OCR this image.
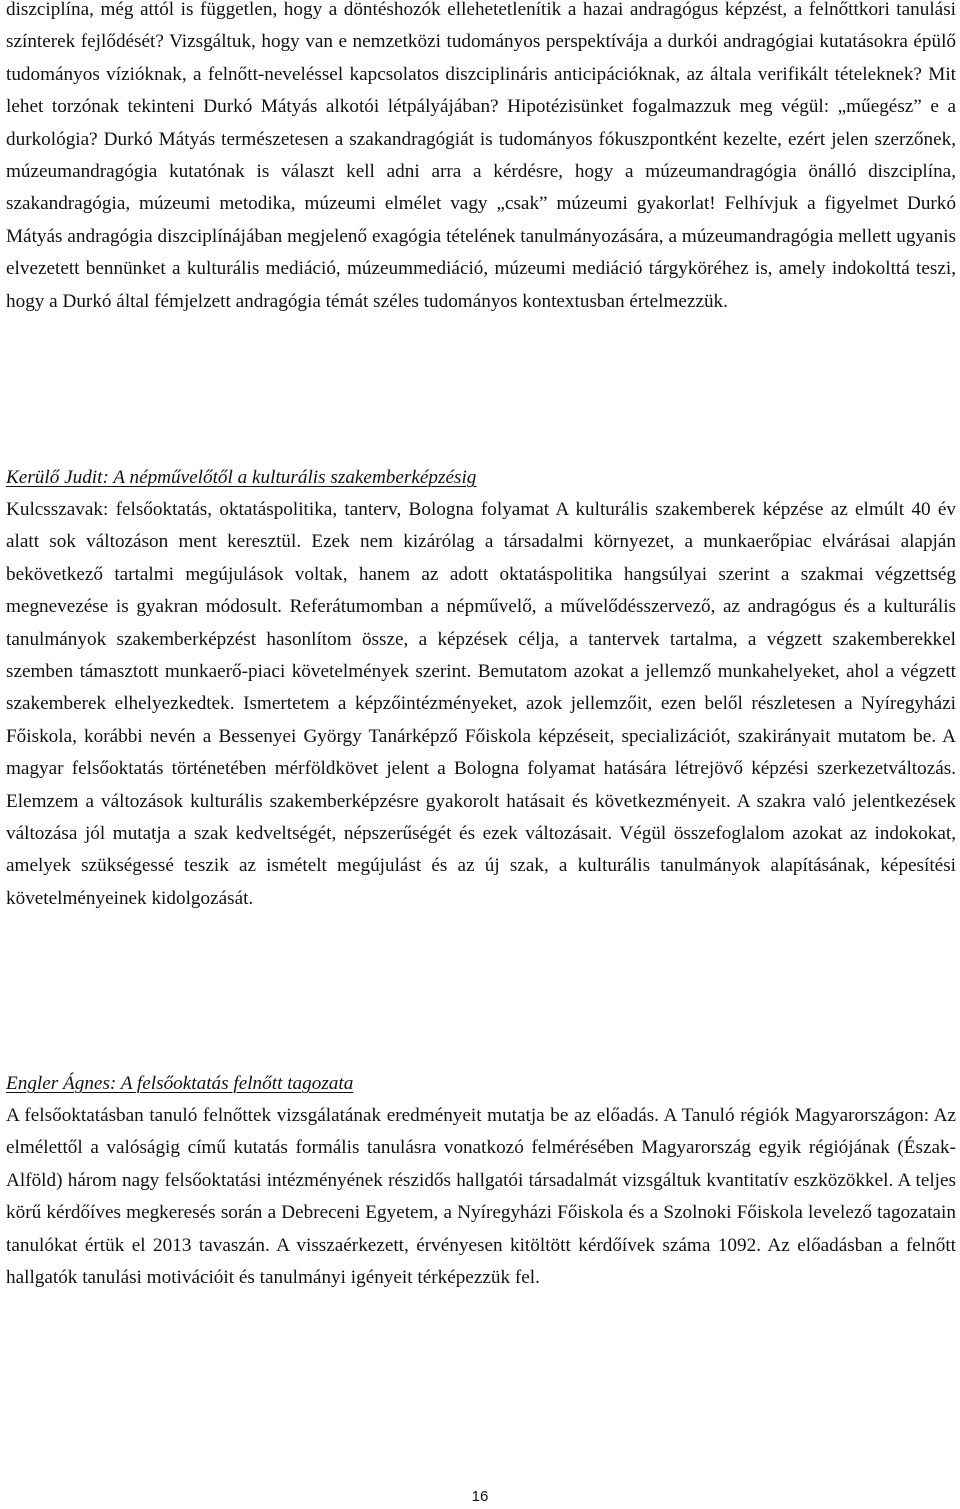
diszciplína, még attól is független, hogy a döntéshozók ellehetetlenítik a hazai andragógus képzést, a felnőttkori tanulási színterek fejlődését? Vizsgáltuk, hogy van e nemzetközi tudományos perspektívája a durkói andragógiai kutatásokra épülő tudományos vízióknak, a felnőtt-neveléssel kapcsolatos diszciplináris anticipációknak, az általa verifikált tételeknek? Mit lehet torzónak tekinteni Durkó Mátyás alkotói létpályájában? Hipotézisünket fogalmazzuk meg végül: „műegész” e a durkológia? Durkó Mátyás természetesen a szakandragógiát is tudományos fókuszpontként kezelte, ezért jelen szerzőnek, múzeumandragógia kutatónak is választ kell adni arra a kérdésre, hogy a múzeumandragógia önálló diszciplína, szakandragógia, múzeumi metodika, múzeumi elmélet vagy „csak” múzeumi gyakorlat! Felhívjuk a figyelmet Durkó Mátyás andragógia diszciplínájában megjelenő exagógia tételének tanulmányozására, a múzeumandragógia mellett ugyanis elvezetett bennünket a kulturális mediáció, múzeummediáció, múzeumi mediáció tárgyköréhez is, amely indokolttá teszi, hogy a Durkó által fémjelzett andragógia témát széles tudományos kontextusban értelmezzük.

Kerülő Judit: A népművelőtől a kulturális szakemberképzésig

Kulcsszavak: felsőoktatás, oktatáspolitika, tanterv, Bologna folyamat A kulturális szakemberek képzése az elmúlt 40 év alatt sok változáson ment keresztül. Ezek nem kizárólag a társadalmi környezet, a munkaerőpiac elvárásai alapján bekövetkező tartalmi megújulások voltak, hanem az adott oktatáspolitika hangsúlyai szerint a szakmai végzettség megnevezése is gyakran módosult. Referátumomban a népművelő, a művelődésszervező, az andragógus és a kulturális tanulmányok szakemberképzést hasonlítom össze, a képzések célja, a tantervek tartalma, a végzett szakemberekkel szemben támasztott munkaerő-piaci követelmények szerint. Bemutatom azokat a jellemző munkahelyeket, ahol a végzett szakemberek elhelyezkedtek. Ismertetem a képzőintézményeket, azok jellemzőit, ezen belől részletesen a Nyíregyházi Főiskola, korábbi nevén a Bessenyei György Tanárképző Főiskola képzéseit, specializációt, szakirányait mutatom be. A magyar felsőoktatás történetében mérföldkövet jelent a Bologna folyamat hatására létrejövő képzési szerkezetváltozás. Elemzem a változások kulturális szakemberképzésre gyakorolt hatásait és következményeit. A szakra való jelentkezések változása jól mutatja a szak kedveltségét, népszerűségét és ezek változásait. Végül összefoglalom azokat az indokokat, amelyek szükségessé teszik az ismételt megújulást és az új szak, a kulturális tanulmányok alapításának, képesítési követelményeinek kidolgozását.

Engler Ágnes: A felsőoktatás felnőtt tagozata

A felsőoktatásban tanuló felnőttek vizsgálatának eredményeit mutatja be az előadás. A Tanuló régiók Magyarországon: Az elmélettől a valóságig című kutatás formális tanulásra vonatkozó felmérésében Magyarország egyik régiójának (Észak-Alföld) három nagy felsőoktatási intézményének részidős hallgatói társadalmát vizsgáltuk kvantitatív eszközökkel. A teljes körű kérdőíves megkeresés során a Debreceni Egyetem, a Nyíregyházi Főiskola és a Szolnoki Főiskola levelező tagozatain tanulókat értük el 2013 tavaszán. A visszaérkezett, érvényesen kitöltött kérdőívek száma 1092. Az előadásban a felnőtt hallgatók tanulási motivációit és tanulmányi igényeit térképezzük fel.

16
